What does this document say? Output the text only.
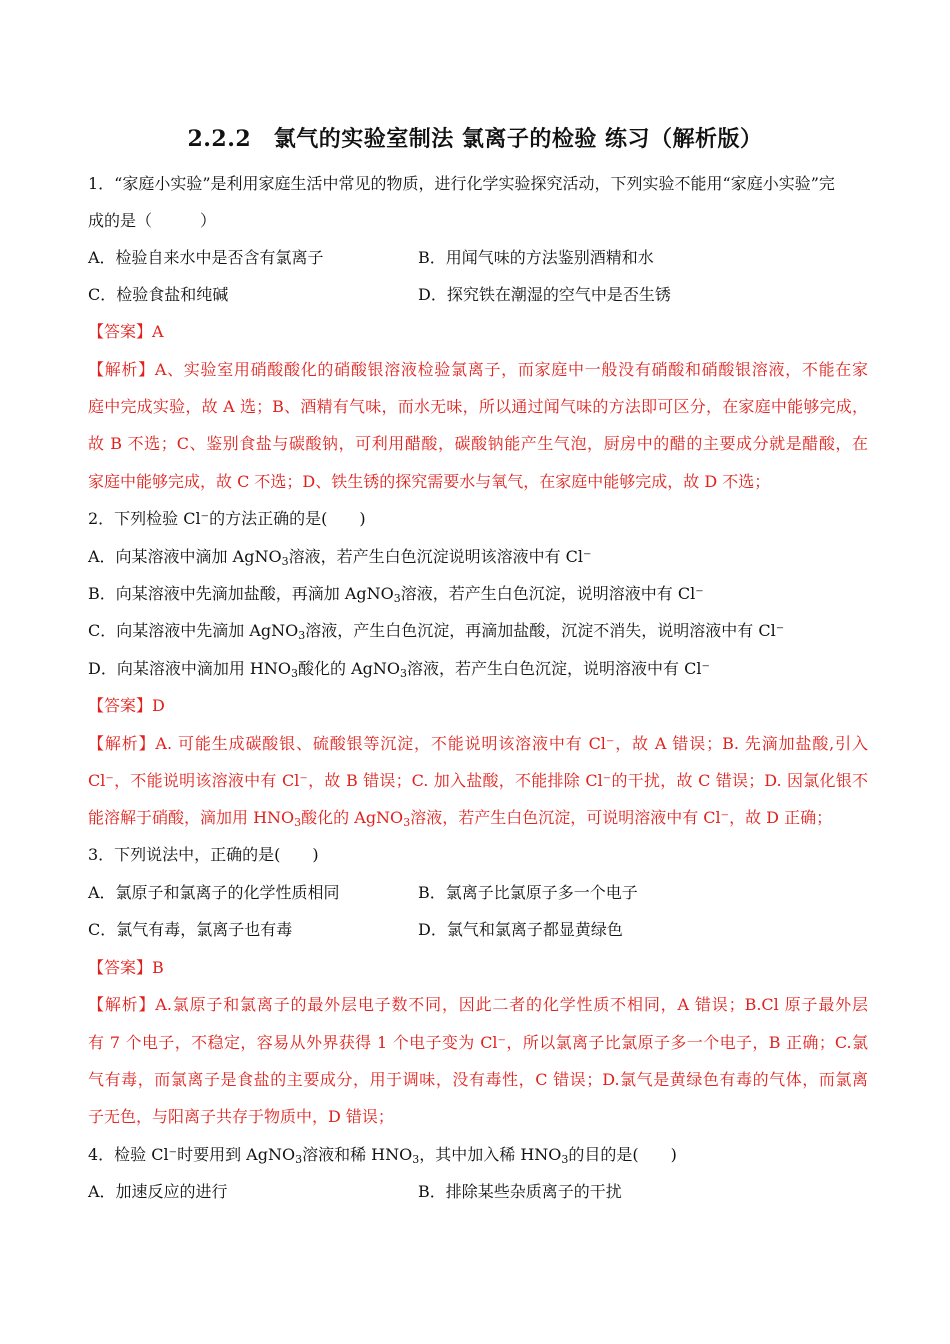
2.2.2　氯气的实验室制法 氯离子的检验 练习（解析版）
1．“家庭小实验”是利用家庭生活中常见的物质，进行化学实验探究活动，下列实验不能用“家庭小实验”完
成的是（　　　）
A．检验自来水中是否含有氯离子	B．用闻气味的方法鉴别酒精和水
C．检验食盐和纯碱	D．探究铁在潮湿的空气中是否生锈
【答案】A
【解析】A、实验室用硝酸酸化的硝酸银溶液检验氯离子，而家庭中一般没有硝酸和硝酸银溶液，不能在家
庭中完成实验，故 A 选；B、酒精有气味，而水无味，所以通过闻气味的方法即可区分，在家庭中能够完成，
故 B 不选；C、鉴别食盐与碳酸钠，可利用醋酸，碳酸钠能产生气泡，厨房中的醋的主要成分就是醋酸，在
家庭中能够完成，故 C 不选；D、铁生锈的探究需要水与氧气，在家庭中能够完成，故 D 不选；
2．下列检验 Cl⁻的方法正确的是(　　)
A．向某溶液中滴加 AgNO$_3$溶液，若产生白色沉淀说明该溶液中有 Cl⁻
B．向某溶液中先滴加盐酸，再滴加 AgNO$_3$溶液，若产生白色沉淀，说明溶液中有 Cl⁻
C．向某溶液中先滴加 AgNO$_3$溶液，产生白色沉淀，再滴加盐酸，沉淀不消失，说明溶液中有 Cl⁻
D．向某溶液中滴加用 $HNO_3$酸化的 AgNO$_3$溶液，若产生白色沉淀，说明溶液中有 Cl⁻
【答案】D
【解析】A. 可能生成碳酸银、硫酸银等沉淀，不能说明该溶液中有 Cl⁻，故 A 错误；B. 先滴加盐酸,引入
Cl⁻，不能说明该溶液中有 Cl⁻，故 B 错误；C. 加入盐酸，不能排除 Cl⁻的干扰，故 C 错误；D. 因氯化银不
能溶解于硝酸，滴加用 $HNO_3$酸化的 AgNO$_3$溶液，若产生白色沉淀，可说明溶液中有 Cl⁻，故 D 正确；
3．下列说法中，正确的是(　　)
A．氯原子和氯离子的化学性质相同	B．氯离子比氯原子多一个电子
C．氯气有毒，氯离子也有毒	D．氯气和氯离子都显黄绿色
【答案】B
【解析】A.氯原子和氯离子的最外层电子数不同，因此二者的化学性质不相同，A 错误；B.Cl 原子最外层
有 7 个电子，不稳定，容易从外界获得 1 个电子变为 Cl⁻，所以氯离子比氯原子多一个电子，B 正确；C.氯
气有毒，而氯离子是食盐的主要成分，用于调味，没有毒性，C 错误；D.氯气是黄绿色有毒的气体，而氯离
子无色，与阳离子共存于物质中，D 错误；
4．检验 Cl⁻时要用到 AgNO$_3$溶液和稀 $HNO_3$，其中加入稀 $HNO_3$的目的是(　　)
A．加速反应的进行	B．排除某些杂质离子的干扰
